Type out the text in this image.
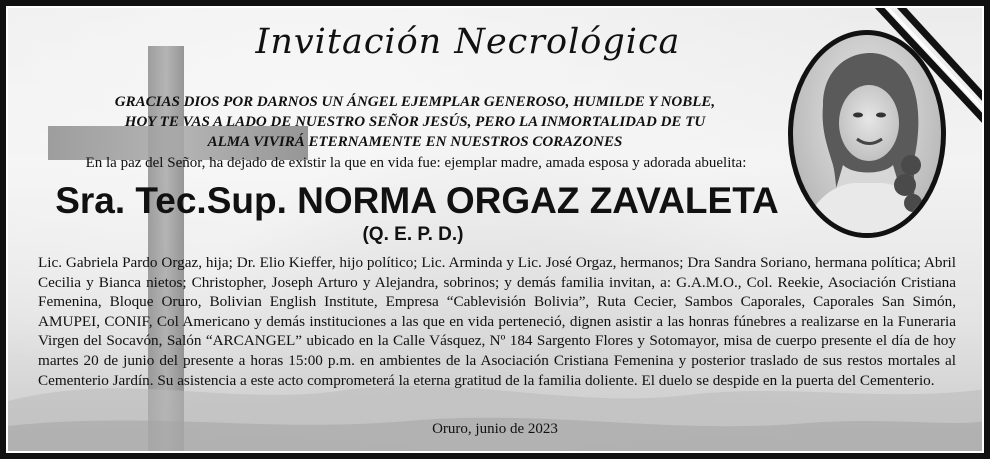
Invitación Necrológica
GRACIAS DIOS POR DARNOS UN ÁNGEL EJEMPLAR GENEROSO, HUMILDE Y NOBLE,
HOY TE VAS A LADO DE NUESTRO SEÑOR JESÚS, PERO LA INMORTALIDAD DE TU
ALMA VIVIRÁ ETERNAMENTE EN NUESTROS CORAZONES
En la paz del Señor, ha dejado de existir la que en vida fue: ejemplar madre, amada esposa y adorada abuelita:
Sra. Tec.Sup. NORMA ORGAZ ZAVALETA
(Q. E. P. D.)

Lic. Gabriela Pardo Orgaz, hija; Dr. Elio Kieffer, hijo político; Lic. Arminda y Lic. José Orgaz, hermanos; Dra Sandra Soriano, hermana política; Abril Cecilia y Bianca nietos; Christopher, Joseph Arturo y Alejandra, sobrinos; y demás familia invitan, a: G.A.M.O., Col. Reekie, Asociación Cristiana Femenina, Bloque Oruro, Bolivian English Institute, Empresa “Cablevisión Bolivia”, Ruta Cecier, Sambos Caporales, Caporales San Simón, AMUPEI, CONIF, Col Americano y demás instituciones a las que en vida perteneció, dignen asistir a las honras fúnebres a realizarse en la Funeraria Virgen del Socavón, Salón “ARCANGEL” ubicado en la Calle Vásquez, Nº 184 Sargento Flores y Sotomayor, misa de cuerpo presente el día de hoy martes 20 de junio del presente a horas 15:00 p.m. en ambientes de la Asociación Cristiana Femenina y posterior traslado de sus restos mortales al Cementerio Jardín. Su asistencia a este acto comprometerá la eterna gratitud de la familia doliente. El duelo se despide en la puerta del Cementerio.

Oruro, junio de 2023
